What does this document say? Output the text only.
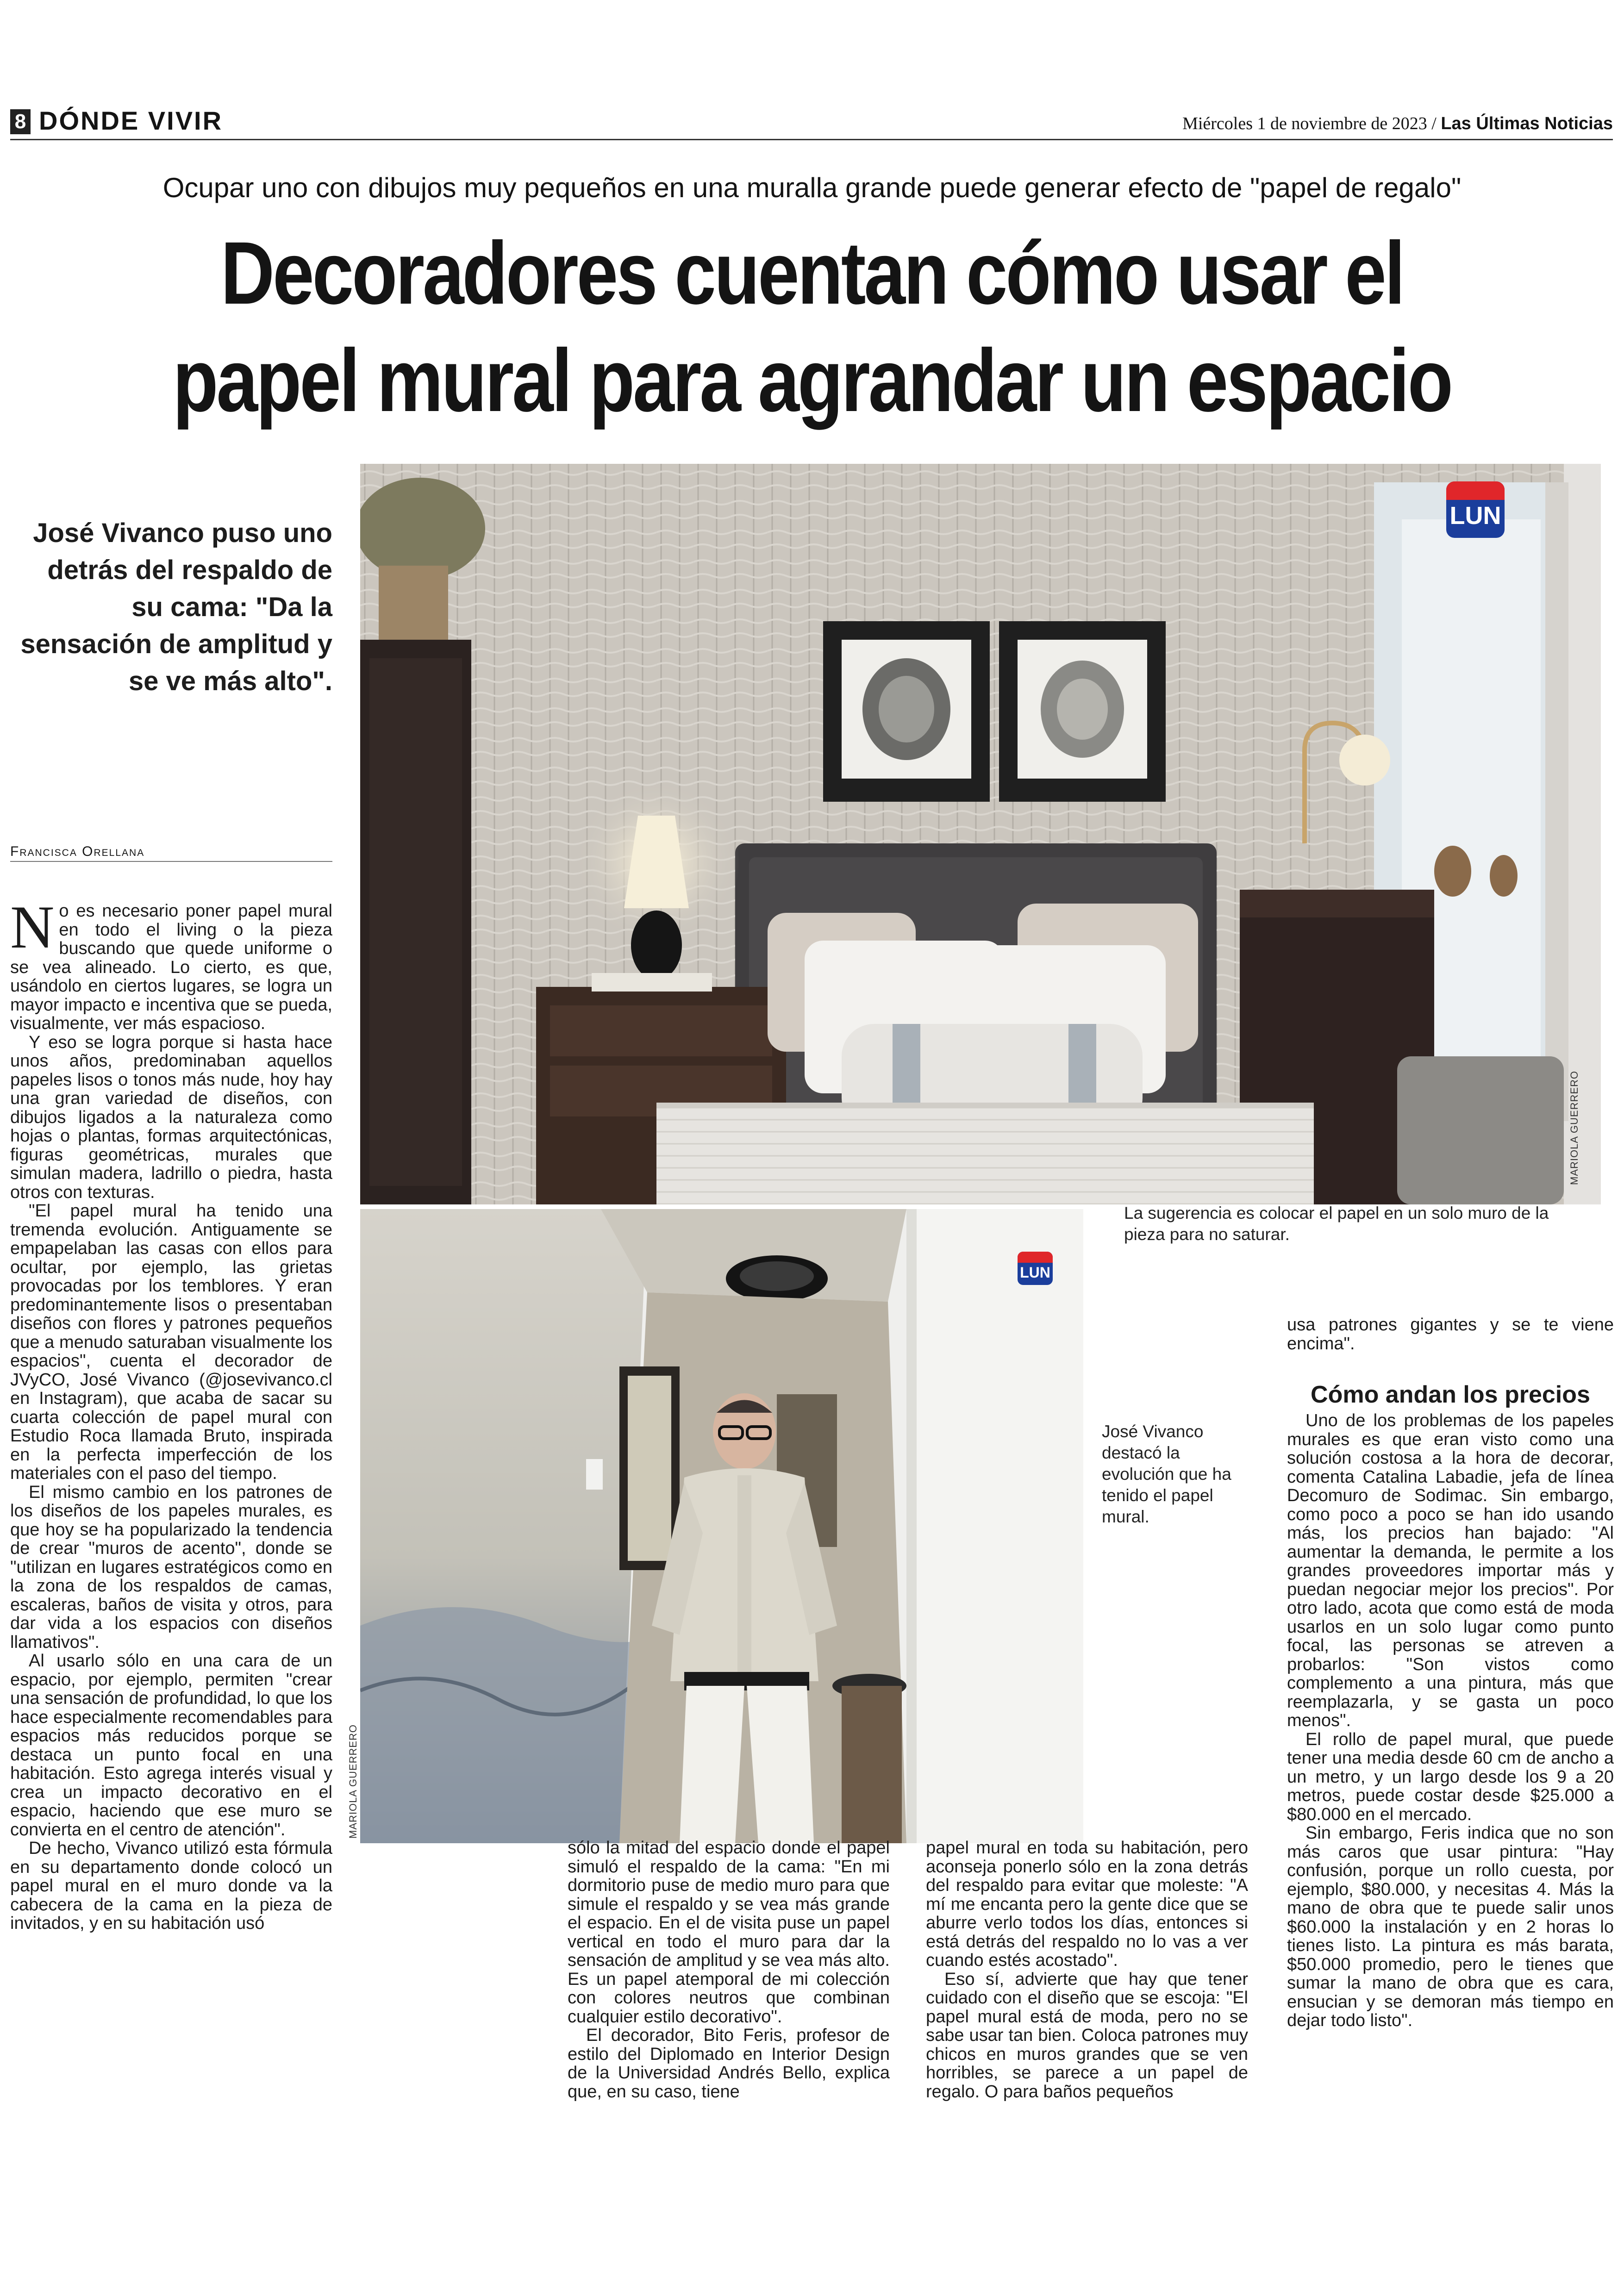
8 DÓNDE VIVIR	Miércoles 1 de noviembre de 2023 / Las Últimas Noticias
Ocupar uno con dibujos muy pequeños en una muralla grande puede generar efecto de "papel de regalo"
Decoradores cuentan cómo usar el
papel mural para agrandar un espacio
José Vivanco puso uno detrás del respaldo de su cama: "Da la sensación de amplitud y se ve más alto".
Francisca Orellana
LUN
MARIOLA GUERRERO
La sugerencia es colocar el papel en un solo muro de la pieza para no saturar.
LUN
MARIOLA GUERRERO
José Vivanco destacó la evolución que ha tenido el papel mural.

No es necesario poner papel mural en todo el living o la pieza buscando que quede uniforme o se vea alineado. Lo cierto, es que, usándolo en ciertos lugares, se logra un mayor impacto e incentiva que se pueda, visualmente, ver más espacioso.

Y eso se logra porque si hasta hace unos años, predominaban aquellos papeles lisos o tonos más nude, hoy hay una gran variedad de diseños, con dibujos ligados a la naturaleza como hojas o plantas, formas arquitectónicas, figuras geométricas, murales que simulan madera, ladrillo o piedra, hasta otros con texturas.

"El papel mural ha tenido una tremenda evolución. Antiguamente se empapelaban las casas con ellos para ocultar, por ejemplo, las grietas provocadas por los temblores. Y eran predominantemente lisos o presentaban diseños con flores y patrones pequeños que a menudo saturaban visualmente los espacios", cuenta el decorador de JVyCO, José Vivanco (@josevivanco.cl en Instagram), que acaba de sacar su cuarta colección de papel mural con Estudio Roca llamada Bruto, inspirada en la perfecta imperfección de los materiales con el paso del tiempo.

El mismo cambio en los patrones de los diseños de los papeles murales, es que hoy se ha popularizado la tendencia de crear "muros de acento", donde se "utilizan en lugares estratégicos como en la zona de los respaldos de camas, escaleras, baños de visita y otros, para dar vida a los espacios con diseños llamativos".

Al usarlo sólo en una cara de un espacio, por ejemplo, permiten "crear una sensación de profundidad, lo que los hace especialmente recomendables para espacios más reducidos porque se destaca un punto focal en una habitación. Esto agrega interés visual y crea un impacto decorativo en el espacio, haciendo que ese muro se convierta en el centro de atención".

De hecho, Vivanco utilizó esta fórmula en su departamento donde colocó un papel mural en el muro donde va la cabecera de la cama en la pieza de invitados, y en su habitación usó

sólo la mitad del espacio donde el papel simuló el respaldo de la cama: "En mi dormitorio puse de medio muro para que simule el respaldo y se vea más grande el espacio. En el de visita puse un papel vertical en todo el muro para dar la sensación de amplitud y se vea más alto. Es un papel atemporal de mi colección con colores neutros que combinan cualquier estilo decorativo".

El decorador, Bito Feris, profesor de estilo del Diplomado en Interior Design de la Universidad Andrés Bello, explica que, en su caso, tiene

papel mural en toda su habitación, pero aconseja ponerlo sólo en la zona detrás del respaldo para evitar que moleste: "A mí me encanta pero la gente dice que se aburre verlo todos los días, entonces si está detrás del respaldo no lo vas a ver cuando estés acostado".

Eso sí, advierte que hay que tener cuidado con el diseño que se escoja: "El papel mural está de moda, pero no se sabe usar tan bien. Coloca patrones muy chicos en muros grandes que se ven horribles, se parece a un papel de regalo. O para baños pequeños

usa patrones gigantes y se te viene encima".

Cómo andan los precios

Uno de los problemas de los papeles murales es que eran visto como una solución costosa a la hora de decorar, comenta Catalina Labadie, jefa de línea Decomuro de Sodimac. Sin embargo, como poco a poco se han ido usando más, los precios han bajado: "Al aumentar la demanda, le permite a los grandes proveedores importar más y puedan negociar mejor los precios". Por otro lado, acota que como está de moda usarlos en un solo lugar como punto focal, las personas se atreven a probarlos: "Son vistos como complemento a una pintura, más que reemplazarla, y se gasta un poco menos".

El rollo de papel mural, que puede tener una media desde 60 cm de ancho a un metro, y un largo desde los 9 a 20 metros, puede costar desde $25.000 a $80.000 en el mercado.

Sin embargo, Feris indica que no son más caros que usar pintura: "Hay confusión, porque un rollo cuesta, por ejemplo, $80.000, y necesitas 4. Más la mano de obra que te puede salir unos $60.000 la instalación y en 2 horas lo tienes listo. La pintura es más barata, $50.000 promedio, pero le tienes que sumar la mano de obra que es cara, ensucian y se demoran más tiempo en dejar todo listo".
